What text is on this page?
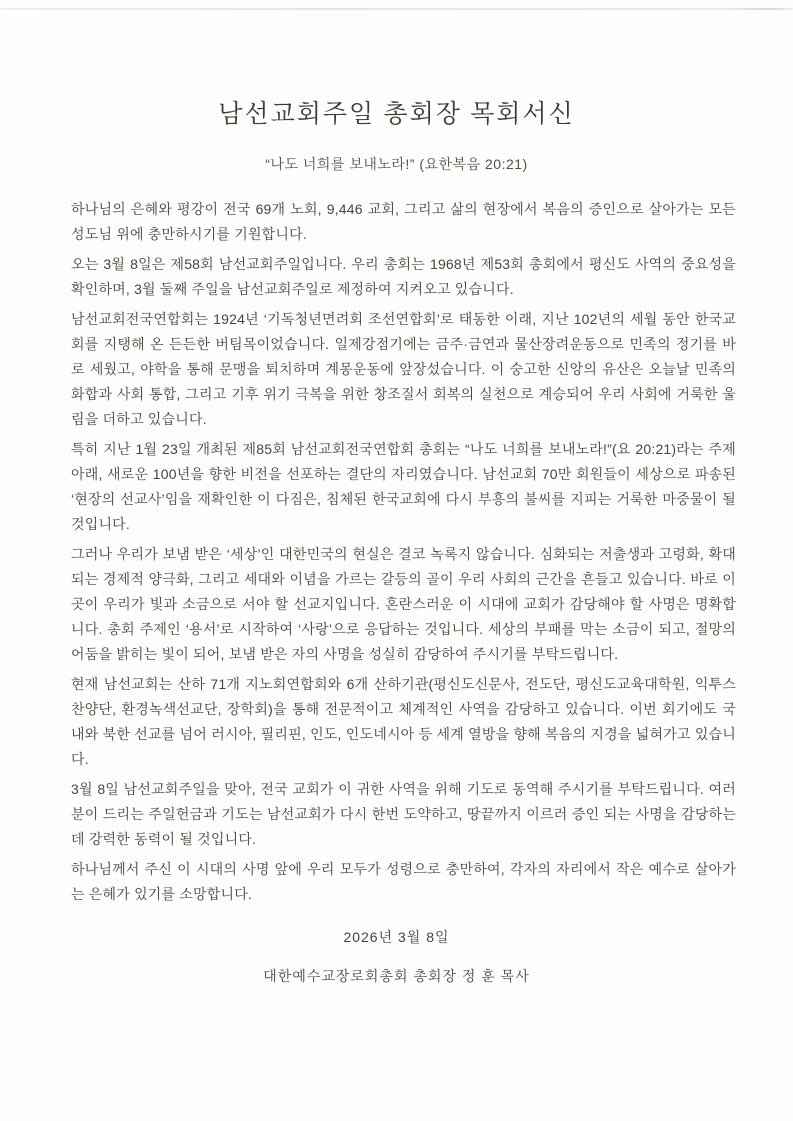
남선교회주일 총회장 목회서신
“나도 너희를 보내노라!” (요한복음 20:21)

하나님의 은혜와 평강이 전국 69개 노회, 9,446 교회, 그리고 삶의 현장에서 복음의 증인으로 살아가는 모든 성도님 위에 충만하시기를 기원합니다.

오는 3월 8일은 제58회 남선교회주일입니다. 우리 총회는 1968년 제53회 총회에서 평신도 사역의 중요성을 확인하며, 3월 둘째 주일을 남선교회주일로 제정하여 지켜오고 있습니다.

남선교회전국연합회는 1924년 ‘기독청년면려회 조선연합회’로 태동한 이래, 지난 102년의 세월 동안 한국교회를 지탱해 온 든든한 버팀목이었습니다. 일제강점기에는 금주·금연과 물산장려운동으로 민족의 정기를 바로 세웠고, 야학을 통해 문맹을 퇴치하며 계몽운동에 앞장섰습니다. 이 숭고한 신앙의 유산은 오늘날 민족의 화합과 사회 통합, 그리고 기후 위기 극복을 위한 창조질서 회복의 실천으로 계승되어 우리 사회에 거룩한 울림을 더하고 있습니다.

특히 지난 1월 23일 개최된 제85회 남선교회전국연합회 총회는 “나도 너희를 보내노라!”(요 20:21)라는 주제 아래, 새로운 100년을 향한 비전을 선포하는 결단의 자리였습니다. 남선교회 70만 회원들이 세상으로 파송된 ‘현장의 선교사’임을 재확인한 이 다짐은, 침체된 한국교회에 다시 부흥의 불씨를 지피는 거룩한 마중물이 될 것입니다.

그러나 우리가 보냄 받은 ‘세상’인 대한민국의 현실은 결코 녹록지 않습니다. 심화되는 저출생과 고령화, 확대되는 경제적 양극화, 그리고 세대와 이념을 가르는 갈등의 골이 우리 사회의 근간을 흔들고 있습니다. 바로 이곳이 우리가 빛과 소금으로 서야 할 선교지입니다. 혼란스러운 이 시대에 교회가 감당해야 할 사명은 명확합니다. 총회 주제인 ‘용서’로 시작하여 ‘사랑’으로 응답하는 것입니다. 세상의 부패를 막는 소금이 되고, 절망의 어둠을 밝히는 빛이 되어, 보냄 받은 자의 사명을 성실히 감당하여 주시기를 부탁드립니다.

현재 남선교회는 산하 71개 지노회연합회와 6개 산하기관(평신도신문사, 전도단, 평신도교육대학원, 익투스찬양단, 환경녹색선교단, 장학회)을 통해 전문적이고 체계적인 사역을 감당하고 있습니다. 이번 회기에도 국내와 북한 선교를 넘어 러시아, 필리핀, 인도, 인도네시아 등 세계 열방을 향해 복음의 지경을 넓혀가고 있습니다.

3월 8일 남선교회주일을 맞아, 전국 교회가 이 귀한 사역을 위해 기도로 동역해 주시기를 부탁드립니다. 여러분이 드리는 주일헌금과 기도는 남선교회가 다시 한번 도약하고, 땅끝까지 이르러 증인 되는 사명을 감당하는 데 강력한 동력이 될 것입니다.

하나님께서 주신 이 시대의 사명 앞에 우리 모두가 성령으로 충만하여, 각자의 자리에서 작은 예수로 살아가는 은혜가 있기를 소망합니다.

2026년 3월 8일
대한예수교장로회총회 총회장 정 훈 목사
